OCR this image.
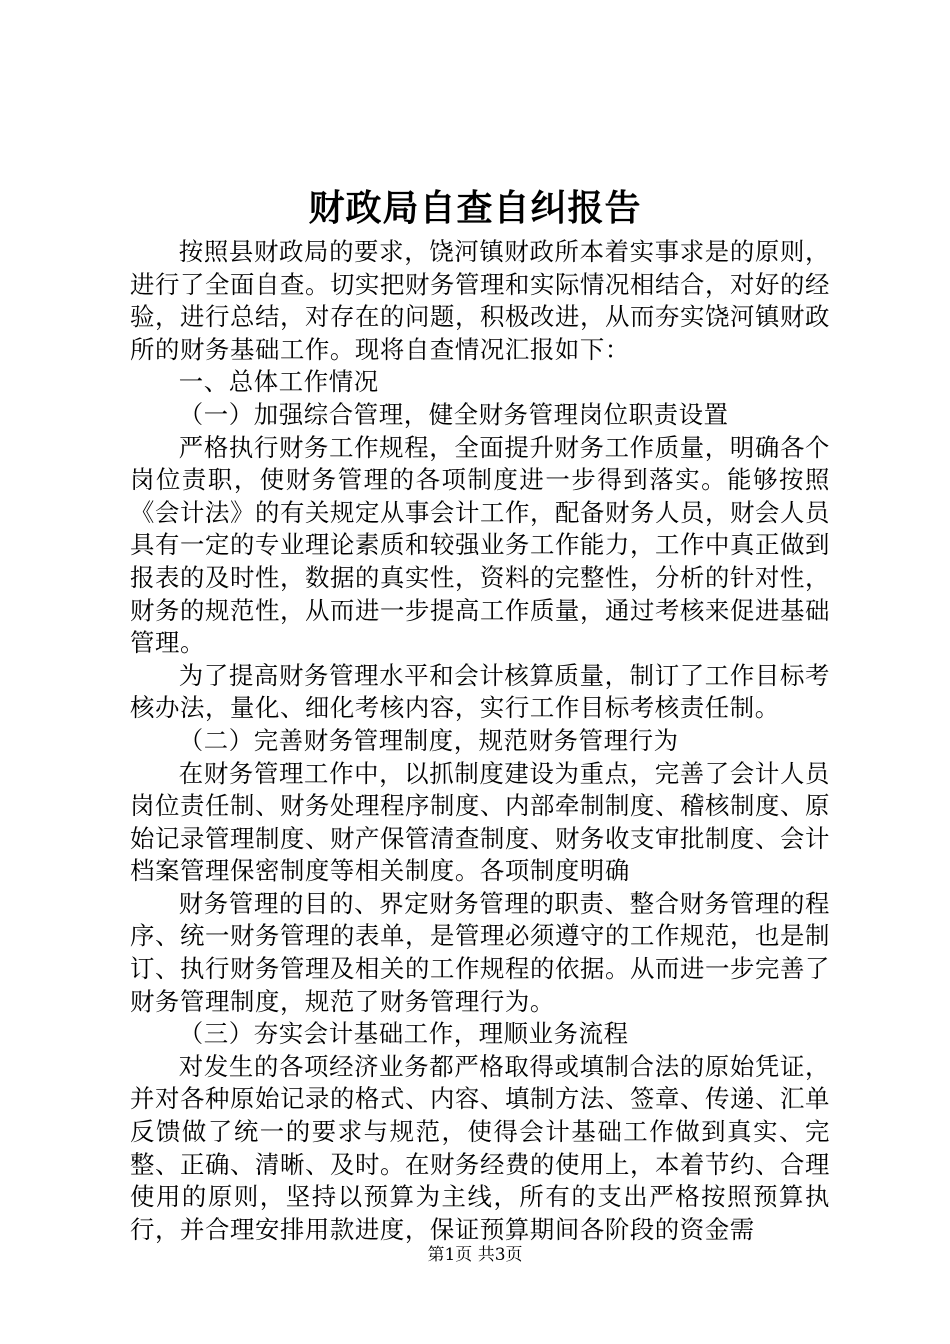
财政局自查自纠报告

按照县财政局的要求，饶河镇财政所本着实事求是的原则，进行了全面自查。切实把财务管理和实际情况相结合，对好的经验，进行总结，对存在的问题，积极改进，从而夯实饶河镇财政所的财务基础工作。现将自查情况汇报如下：

一、总体工作情况

（一）加强综合管理，健全财务管理岗位职责设置

严格执行财务工作规程，全面提升财务工作质量，明确各个岗位责职，使财务管理的各项制度进一步得到落实。能够按照《会计法》的有关规定从事会计工作，配备财务人员，财会人员具有一定的专业理论素质和较强业务工作能力，工作中真正做到报表的及时性，数据的真实性，资料的完整性，分析的针对性，财务的规范性，从而进一步提高工作质量，通过考核来促进基础管理。

为了提高财务管理水平和会计核算质量，制订了工作目标考核办法，量化、细化考核内容，实行工作目标考核责任制。

（二）完善财务管理制度，规范财务管理行为

在财务管理工作中，以抓制度建设为重点，完善了会计人员岗位责任制、财务处理程序制度、内部牵制制度、稽核制度、原始记录管理制度、财产保管清查制度、财务收支审批制度、会计档案管理保密制度等相关制度。各项制度明确

财务管理的目的、界定财务管理的职责、整合财务管理的程序、统一财务管理的表单，是管理必须遵守的工作规范，也是制订、执行财务管理及相关的工作规程的依据。从而进一步完善了财务管理制度，规范了财务管理行为。

（三）夯实会计基础工作，理顺业务流程

对发生的各项经济业务都严格取得或填制合法的原始凭证，并对各种原始记录的格式、内容、填制方法、签章、传递、汇单反馈做了统一的要求与规范，使得会计基础工作做到真实、完整、正确、清晰、及时。在财务经费的使用上，本着节约、合理使用的原则，坚持以预算为主线，所有的支出严格按照预算执行，并合理安排用款进度，保证预算期间各阶段的资金需

第1页 共3页
